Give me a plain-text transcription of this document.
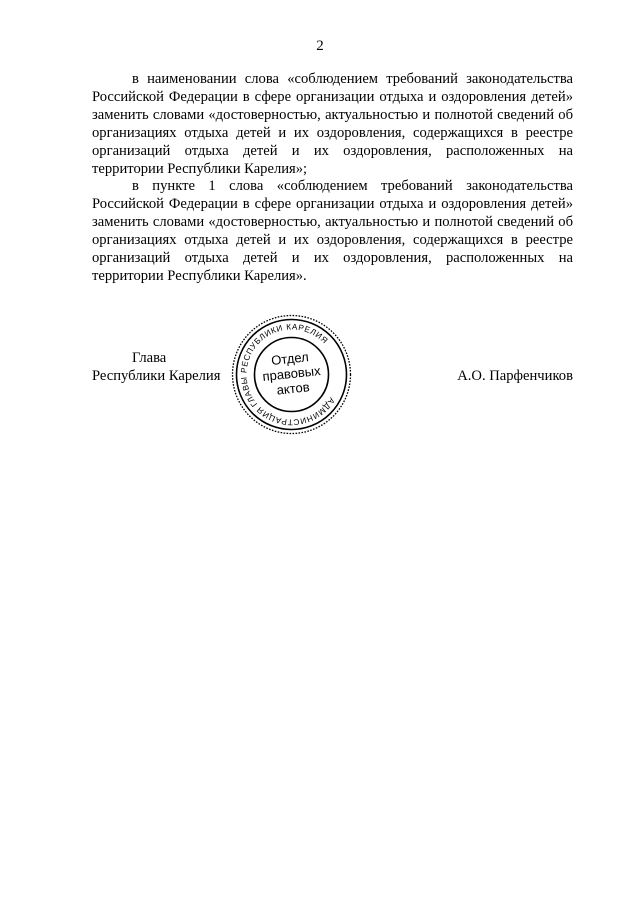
2

в наименовании слова «соблюдением требований законодательства Российской Федерации в сфере организации отдыха и оздоровления детей» заменить словами «достоверностью, актуальностью и полнотой сведений об организациях отдыха детей и их оздоровления, содержащихся в реестре организаций отдыха детей и их оздоровления, расположенных на территории Республики Карелия»;

в пункте 1 слова «соблюдением требований законодательства Российской Федерации в сфере организации отдыха и оздоровления детей» заменить словами «достоверностью, актуальностью и полнотой сведений об организациях отдыха детей и их оздоровления, содержащихся в реестре организаций отдыха детей и их оздоровления, расположенных на территории Республики Карелия».

Глава
Республики Карелия
АДМИНИСТРАЦИЯ ГЛАВЫ РЕСПУБЛИКИ КАРЕЛИЯ
Отдел
правовых
актов
А.О. Парфенчиков
